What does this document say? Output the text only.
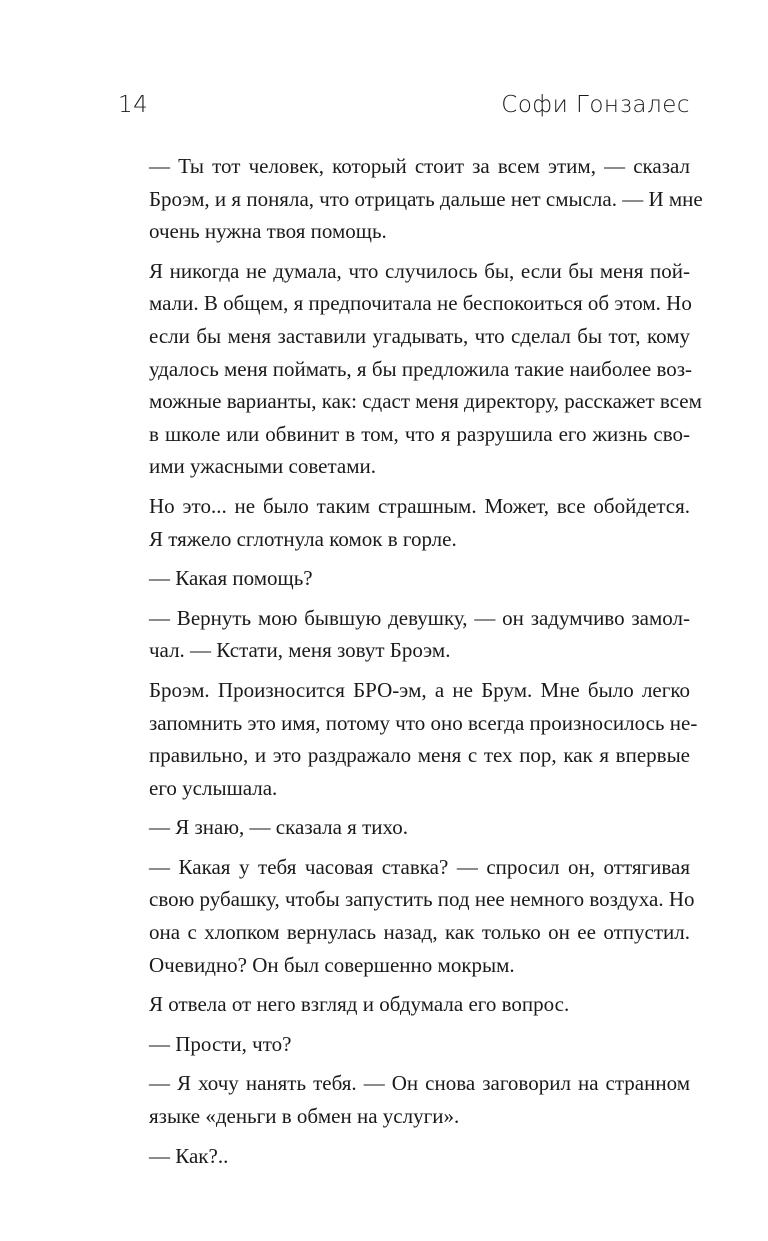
14	Софи Гонзалес

— Ты тот человек, который стоит за всем этим, — сказал
Броэм, и я поняла, что отрицать дальше нет смысла. — И мне
очень нужна твоя помощь.

Я никогда не думала, что случилось бы, если бы меня пой-
мали. В общем, я предпочитала не беспокоиться об этом. Но
если бы меня заставили угадывать, что сделал бы тот, кому
удалось меня поймать, я бы предложила такие наиболее воз-
можные варианты, как: сдаст меня директору, расскажет всем
в школе или обвинит в том, что я разрушила его жизнь сво-
ими ужасными советами.

Но это... не было таким страшным. Может, все обойдется.
Я тяжело сглотнула комок в горле.

— Какая помощь?

— Вернуть мою бывшую девушку, — он задумчиво замол-
чал. — Кстати, меня зовут Броэм.

Броэм. Произносится БРО-эм, а не Брум. Мне было легко
запомнить это имя, потому что оно всегда произносилось не-
правильно, и это раздражало меня с тех пор, как я впервые
его услышала.

— Я знаю, — сказала я тихо.

— Какая у тебя часовая ставка? — спросил он, оттягивая
свою рубашку, чтобы запустить под нее немного воздуха. Но
она с хлопком вернулась назад, как только он ее отпустил.
Очевидно? Он был совершенно мокрым.

Я отвела от него взгляд и обдумала его вопрос.

— Прости, что?

— Я хочу нанять тебя. — Он снова заговорил на странном
языке «деньги в обмен на услуги».

— Как?..
